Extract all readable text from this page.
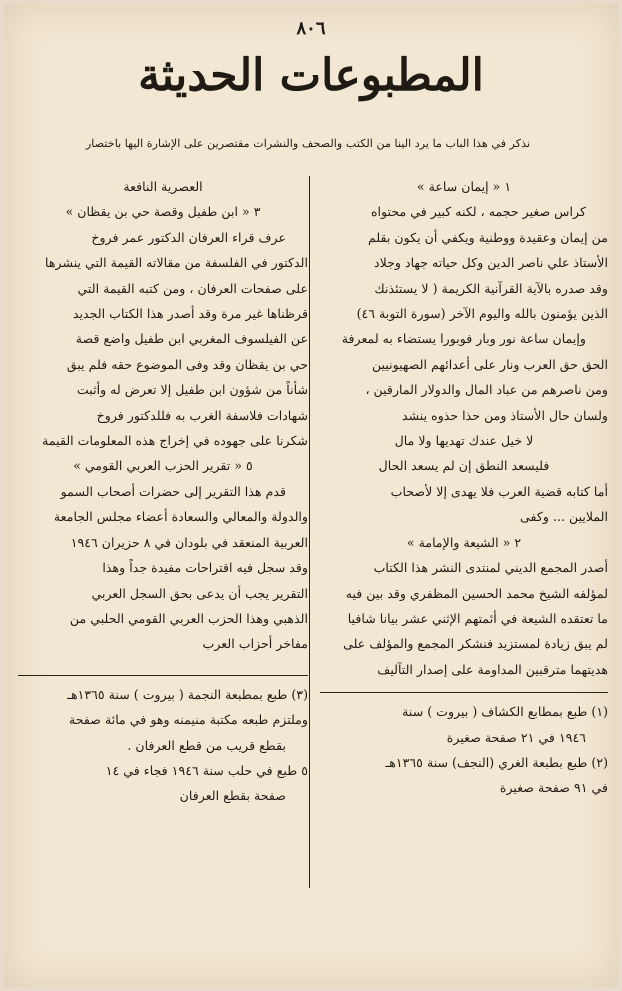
٨٠٦
المطبوعات الحديثة
نذكر في هذا الباب ما يرد الينا من الكتب والصحف والنشرات مقتصرين على الإشارة اليها باختصار
١ « إيمان ساعة »
كراس صغير حجمه ، لكنه كبير في محتواه
من إيمان وعقيدة ووطنية ويكفي أن يكون بقلم
الأستاذ علي ناصر الدين وكل حياته جهاد وجلاد
وقد صدره بالآية القرآنية الكريمة ( لا يستئذنك
الذين يؤمنون بالله واليوم الآخر (سورة التوبة ٤٦)
وإيمان ساعة نور وبار فوبورا يستضاء به لمعرفة
الحق حق العرب ونار على أعدائهم الصهيونيين
ومن ناصرهم من عباد المال والدولار المارقين ،
ولسان حال الأستاذ ومن حذا حذوه ينشد
لا خيل عندك تهديها ولا مال
فليسعد النطق إن لم يسعد الحال
أما كتابه قضية العرب فلا يهدى إلا لأصحاب
الملايين ... وكفى
٢ « الشيعة والإمامة »
أصدر المجمع الديني لمنتدى النشر هذا الكتاب
لمؤلفه الشيخ محمد الحسين المظفري وقد بين فيه
ما تعتقده الشيعة في أئمتهم الإثني عشر بيانا شافيا
لم يبق زيادة لمستزيد فنشكر المجمع والمؤلف على
هديتهما مترقبين المداومة على إصدار التآليف
(١) طبع بمطابع الكشاف ( بيروت ) سنة
١٩٤٦ في ٢١ صفحة صغيرة
(٢) طبع بطبعة الغري (النجف) سنة ١٣٦٥هـ
في ٩١ صفحة صغيرة
العصرية النافعة
٣ « ابن طفيل وقصة حي بن يقظان »
عرف قراء العرفان الدكتور عمر فروخ
الدكتور في الفلسفة من مقالاته القيمة التي ينشرها
على صفحات العرفان ، ومن كتبه القيمة التي
قرظناها غير مرة وقد أصدر هذا الكتاب الجديد
عن الفيلسوف المغربي ابن طفيل واضع قصة
حي بن يقظان وقد وفى الموضوع حقه فلم يبق
شأناً من شؤون ابن طفيل إلا تعرض له وأثبت
شهادات فلاسفة الغرب به فللدكتور فروخ
شكرنا على جهوده في إخراج هذه المعلومات القيمة
٥ « تقرير الحزب العربي القومي »
قدم هذا التقرير إلى حضرات أصحاب السمو
والدولة والمعالي والسعادة أعضاء مجلس الجامعة
العربية المنعقد في بلودان في ٨ حزيران ١٩٤٦
وقد سجل فيه اقتراحات مفيدة جداً وهذا
التقرير يجب أن يدعى بحق السجل العربي
الذهبي وهذا الحزب العربي القومي الحلبي من
مفاخر أحزاب العرب
(٣) طبع بمطبعة النجمة ( بيروت ) سنة ١٣٦٥هـ
وملتزم طبعه مكتبة منيمنه وهو في مائة صفحة
بقطع قريب من قطع العرفان .
٥ طبع في حلب سنة ١٩٤٦ فجاء في ١٤
صفحة بقطع العرفان
